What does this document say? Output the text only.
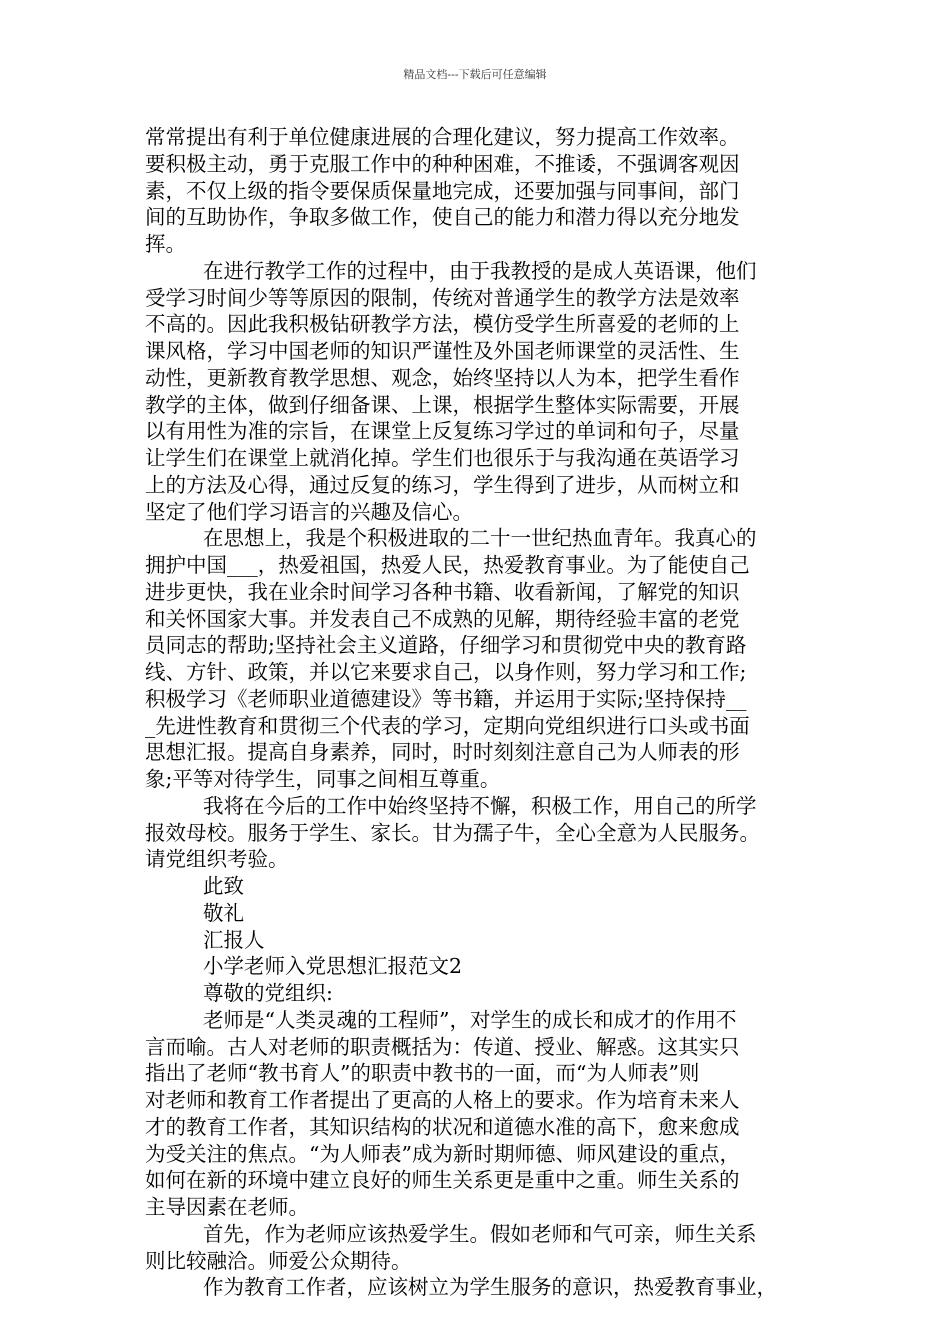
精品文档---下载后可任意编辑
常常提出有利于单位健康进展的合理化建议，努力提高工作效率。
要积极主动，勇于克服工作中的种种困难，不推诿，不强调客观因
素，不仅上级的指令要保质保量地完成，还要加强与同事间，部门
间的互助协作，争取多做工作，使自己的能力和潜力得以充分地发
挥。
在进行教学工作的过程中，由于我教授的是成人英语课，他们
受学习时间少等等原因的限制，传统对普通学生的教学方法是效率
不高的。因此我积极钻研教学方法，模仿受学生所喜爱的老师的上
课风格，学习中国老师的知识严谨性及外国老师课堂的灵活性、生
动性，更新教育教学思想、观念，始终坚持以人为本，把学生看作
教学的主体，做到仔细备课、上课，根据学生整体实际需要，开展
以有用性为准的宗旨，在课堂上反复练习学过的单词和句子，尽量
让学生们在课堂上就消化掉。学生们也很乐于与我沟通在英语学习
上的方法及心得，通过反复的练习，学生得到了进步，从而树立和
坚定了他们学习语言的兴趣及信心。
在思想上，我是个积极进取的二十一世纪热血青年。我真心的
拥护中国___，热爱祖国，热爱人民，热爱教育事业。为了能使自己
进步更快，我在业余时间学习各种书籍、收看新闻，了解党的知识
和关怀国家大事。并发表自己不成熟的见解，期待经验丰富的老党
员同志的帮助;坚持社会主义道路，仔细学习和贯彻党中央的教育路
线、方针、政策，并以它来要求自己，以身作则，努力学习和工作;
积极学习《老师职业道德建设》等书籍，并运用于实际;坚持保持__
_先进性教育和贯彻三个代表的学习，定期向党组织进行口头或书面
思想汇报。提高自身素养，同时，时时刻刻注意自己为人师表的形
象;平等对待学生，同事之间相互尊重。
我将在今后的工作中始终坚持不懈，积极工作，用自己的所学
报效母校。服务于学生、家长。甘为孺子牛，全心全意为人民服务。
请党组织考验。
此致
敬礼
汇报人
小学老师入党思想汇报范文2
尊敬的党组织:
老师是“人类灵魂的工程师”，对学生的成长和成才的作用不
言而喻。古人对老师的职责概括为：传道、授业、解惑。这其实只
指出了老师“教书育人”的职责中教书的一面，而“为人师表”则
对老师和教育工作者提出了更高的人格上的要求。作为培育未来人
才的教育工作者，其知识结构的状况和道德水准的高下，愈来愈成
为受关注的焦点。“为人师表”成为新时期师德、师风建设的重点，
如何在新的环境中建立良好的师生关系更是重中之重。师生关系的
主导因素在老师。
首先，作为老师应该热爱学生。假如老师和气可亲，师生关系
则比较融洽。师爱公众期待。
作为教育工作者，应该树立为学生服务的意识，热爱教育事业，
